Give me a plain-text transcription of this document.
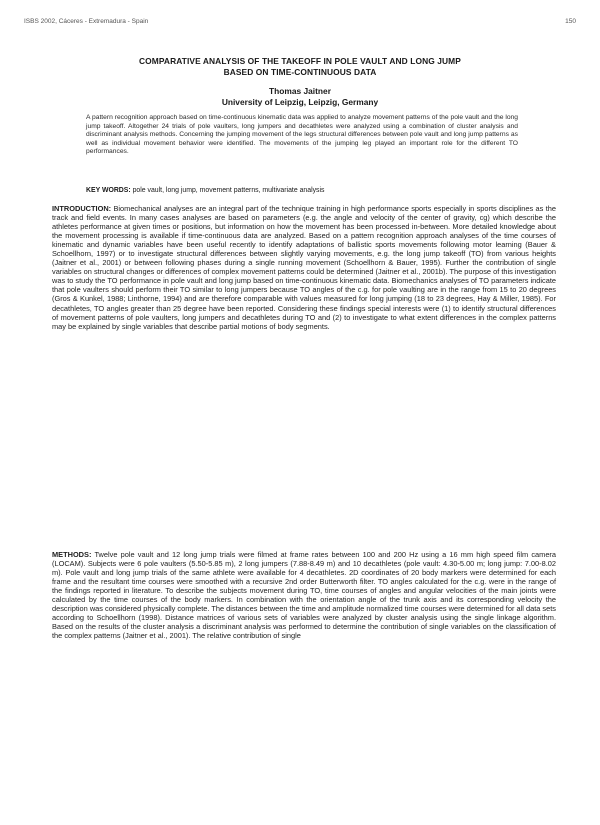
ISBS 2002, Cáceres - Extremadura - Spain	150
COMPARATIVE ANALYSIS OF THE TAKEOFF IN POLE VAULT AND LONG JUMP
BASED ON TIME-CONTINUOUS DATA
Thomas Jaitner
University of Leipzig, Leipzig, Germany
A pattern recognition approach based on time-continuous kinematic data was applied to analyze movement patterns of the pole vault and the long jump takeoff. Altogether 24 trials of pole vaulters, long jumpers and decathletes were analyzed using a combination of cluster analysis and discriminant analysis methods. Concerning the jumping movement of the legs structural differences between pole vault and long jump patterns as well as individual movement behavior were identified. The movements of the jumping leg played an important role for the different TO performances.
KEY WORDS: pole vault, long jump, movement patterns, multivariate analysis
INTRODUCTION: Biomechanical analyses are an integral part of the technique training in high performance sports especially in sports disciplines as the track and field events. In many cases analyses are based on parameters (e.g. the angle and velocity of the center of gravity, cg) which describe the athletes performance at given times or positions, but information on how the movement has been processed in-between. More detailed knowledge about the movement processing is available if time-continuous data are analyzed. Based on a pattern recognition approach analyses of the time courses of kinematic and dynamic variables have been useful recently to identify adaptations of ballistic sports movements following motor learning (Bauer & Schoellhorn, 1997) or to investigate structural differences between slightly varying movements, e.g. the long jump takeoff (TO) from various heights (Jaitner et al., 2001) or between following phases during a single running movement (Schoellhorn & Bauer, 1995). Further the contribution of single variables on structural changes or differences of complex movement patterns could be determined (Jaitner et al., 2001b). The purpose of this investigation was to study the TO performance in pole vault and long jump based on time-continuous kinematic data. Biomechanics analyses of TO parameters indicate that pole vaulters should perform their TO similar to long jumpers because TO angles of the c.g. for pole vaulting are in the range from 15 to 20 degrees (Gros & Kunkel, 1988; Linthorne, 1994) and are therefore comparable with values measured for long jumping (18 to 23 degrees, Hay & Miller, 1985). For decathletes, TO angles greater than 25 degree have been reported. Considering these findings special interests were (1) to identify structural differences of movement patterns of pole vaulters, long jumpers and decathletes during TO and (2) to investigate to what extent differences in the complex patterns may be explained by single variables that describe partial motions of body segments.
METHODS: Twelve pole vault and 12 long jump trials were filmed at frame rates between 100 and 200 Hz using a 16 mm high speed film camera (LOCAM). Subjects were 6 pole vaulters (5.50-5.85 m), 2 long jumpers (7.88-8.49 m) and 10 decathletes (pole vault: 4.30-5.00 m; long jump: 7.00-8.02 m). Pole vault and long jump trials of the same athlete were available for 4 decathletes. 2D coordinates of 20 body markers were determined for each frame and the resultant time courses were smoothed with a recursive 2nd order Butterworth filter. TO angles calculated for the c.g. were in the range of the findings reported in literature. To describe the subjects movement during TO, time courses of angles and angular velocities of the main joints were calculated by the time courses of the body markers. In combination with the orientation angle of the trunk axis and its corresponding velocity the description was considered physically complete. The distances between the time and amplitude normalized time courses were determined for all data sets according to Schoellhorn (1998). Distance matrices of various sets of variables were analyzed by cluster analysis using the single linkage algorithm. Based on the results of the cluster analysis a discriminant analysis was performed to determine the contribution of single variables on the classification of the complex patterns (Jaitner et al., 2001). The relative contribution of single
